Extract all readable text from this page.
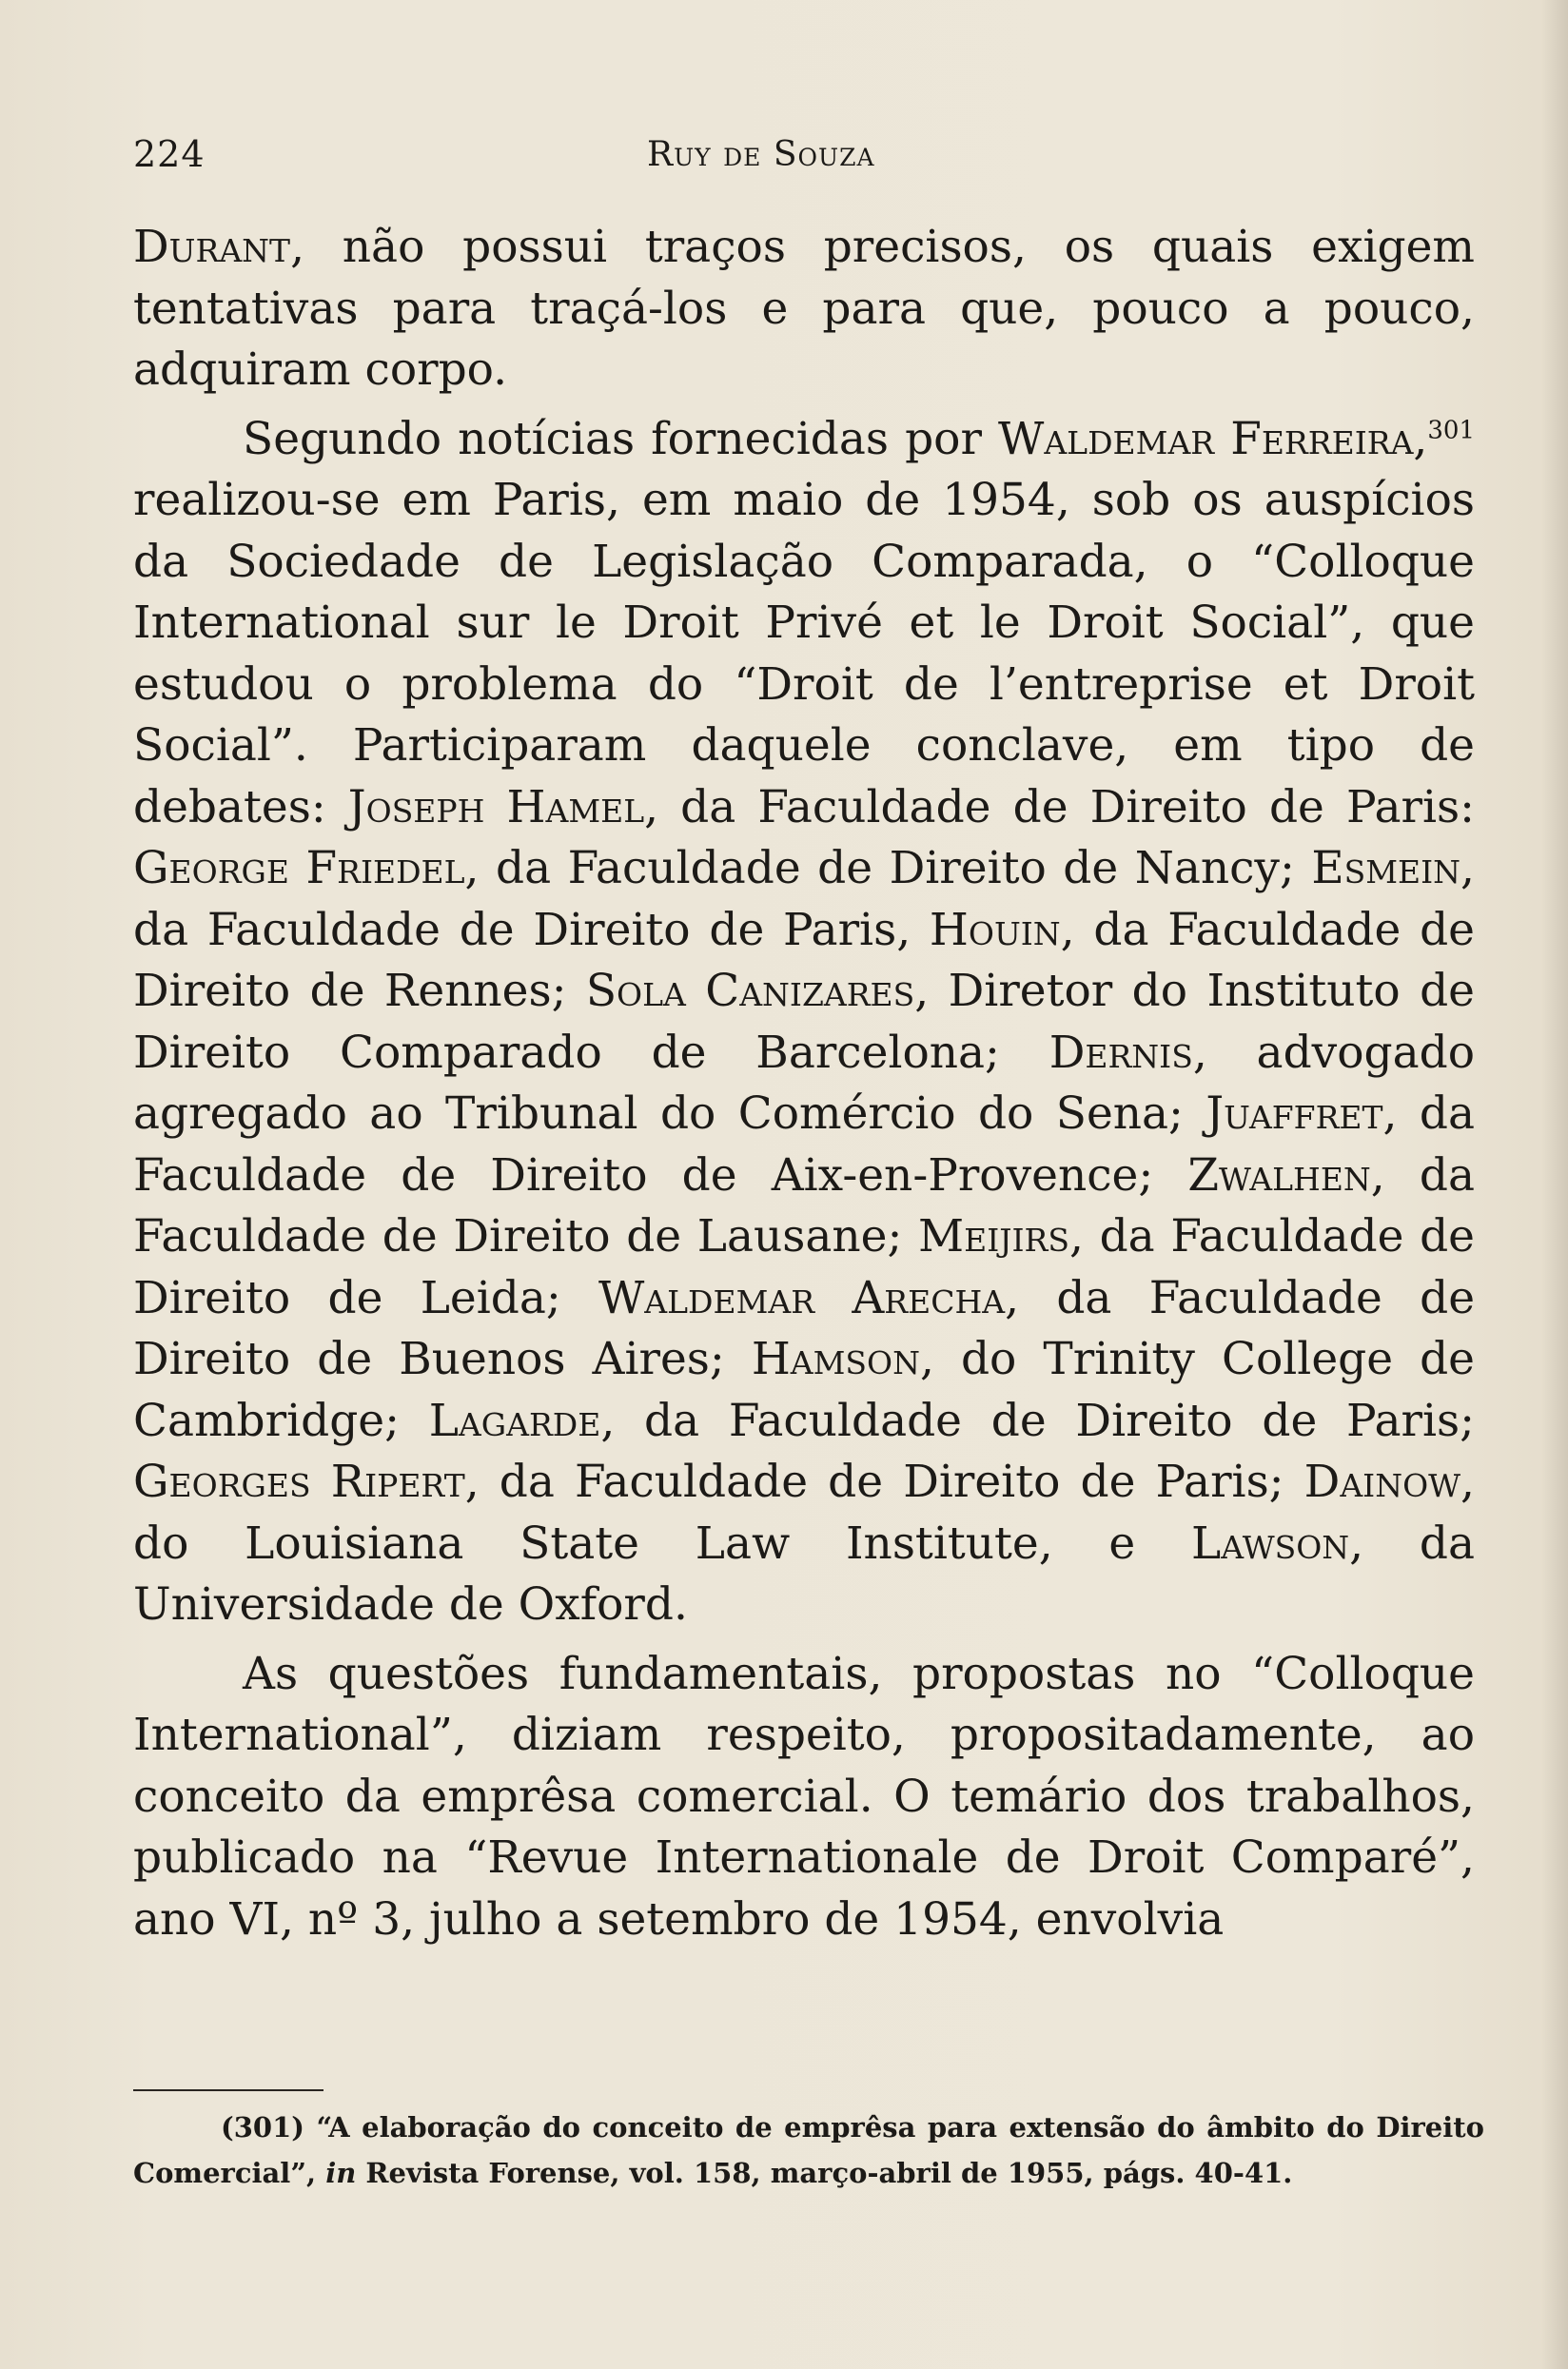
224	Ruy de Souza

Durant, não possui traços precisos, os quais exigem tentativas para traçá-los e para que, pouco a pouco, adquiram corpo.

Segundo notícias fornecidas por Waldemar Ferreira,$^{301}$ realizou-se em Paris, em maio de 1954, sob os auspícios da Sociedade de Legislação Comparada, o “Colloque International sur le Droit Privé et le Droit Social”, que estudou o problema do “Droit de l’entreprise et Droit Social”. Participaram daquele conclave, em tipo de debates: Joseph Hamel, da Faculdade de Direito de Paris: George Friedel, da Faculdade de Direito de Nancy; Esmein, da Faculdade de Direito de Paris, Houin, da Faculdade de Direito de Rennes; Sola Canizares, Diretor do Instituto de Direito Comparado de Barcelona; Dernis, advogado agregado ao Tribunal do Comércio do Sena; Juaffret, da Faculdade de Direito de Aix-en-Provence; Zwalhen, da Faculdade de Direito de Lausane; Meijirs, da Faculdade de Direito de Leida; Waldemar Arecha, da Faculdade de Direito de Buenos Aires; Hamson, do Trinity College de Cambridge; Lagarde, da Faculdade de Direito de Paris; Georges Ripert, da Faculdade de Direito de Paris; Dainow, do Louisiana State Law Institute, e Lawson, da Universidade de Oxford.

As questões fundamentais, propostas no “Colloque International”, diziam respeito, propositadamente, ao conceito da emprêsa comercial. O temário dos trabalhos, publicado na “Revue Internationale de Droit Comparé”, ano VI, nº 3, julho a setembro de 1954, envolvia

(301) “A elaboração do conceito de emprêsa para extensão do âmbito do Direito Comercial”, in Revista Forense, vol. 158, março-abril de 1955, págs. 40-41.
